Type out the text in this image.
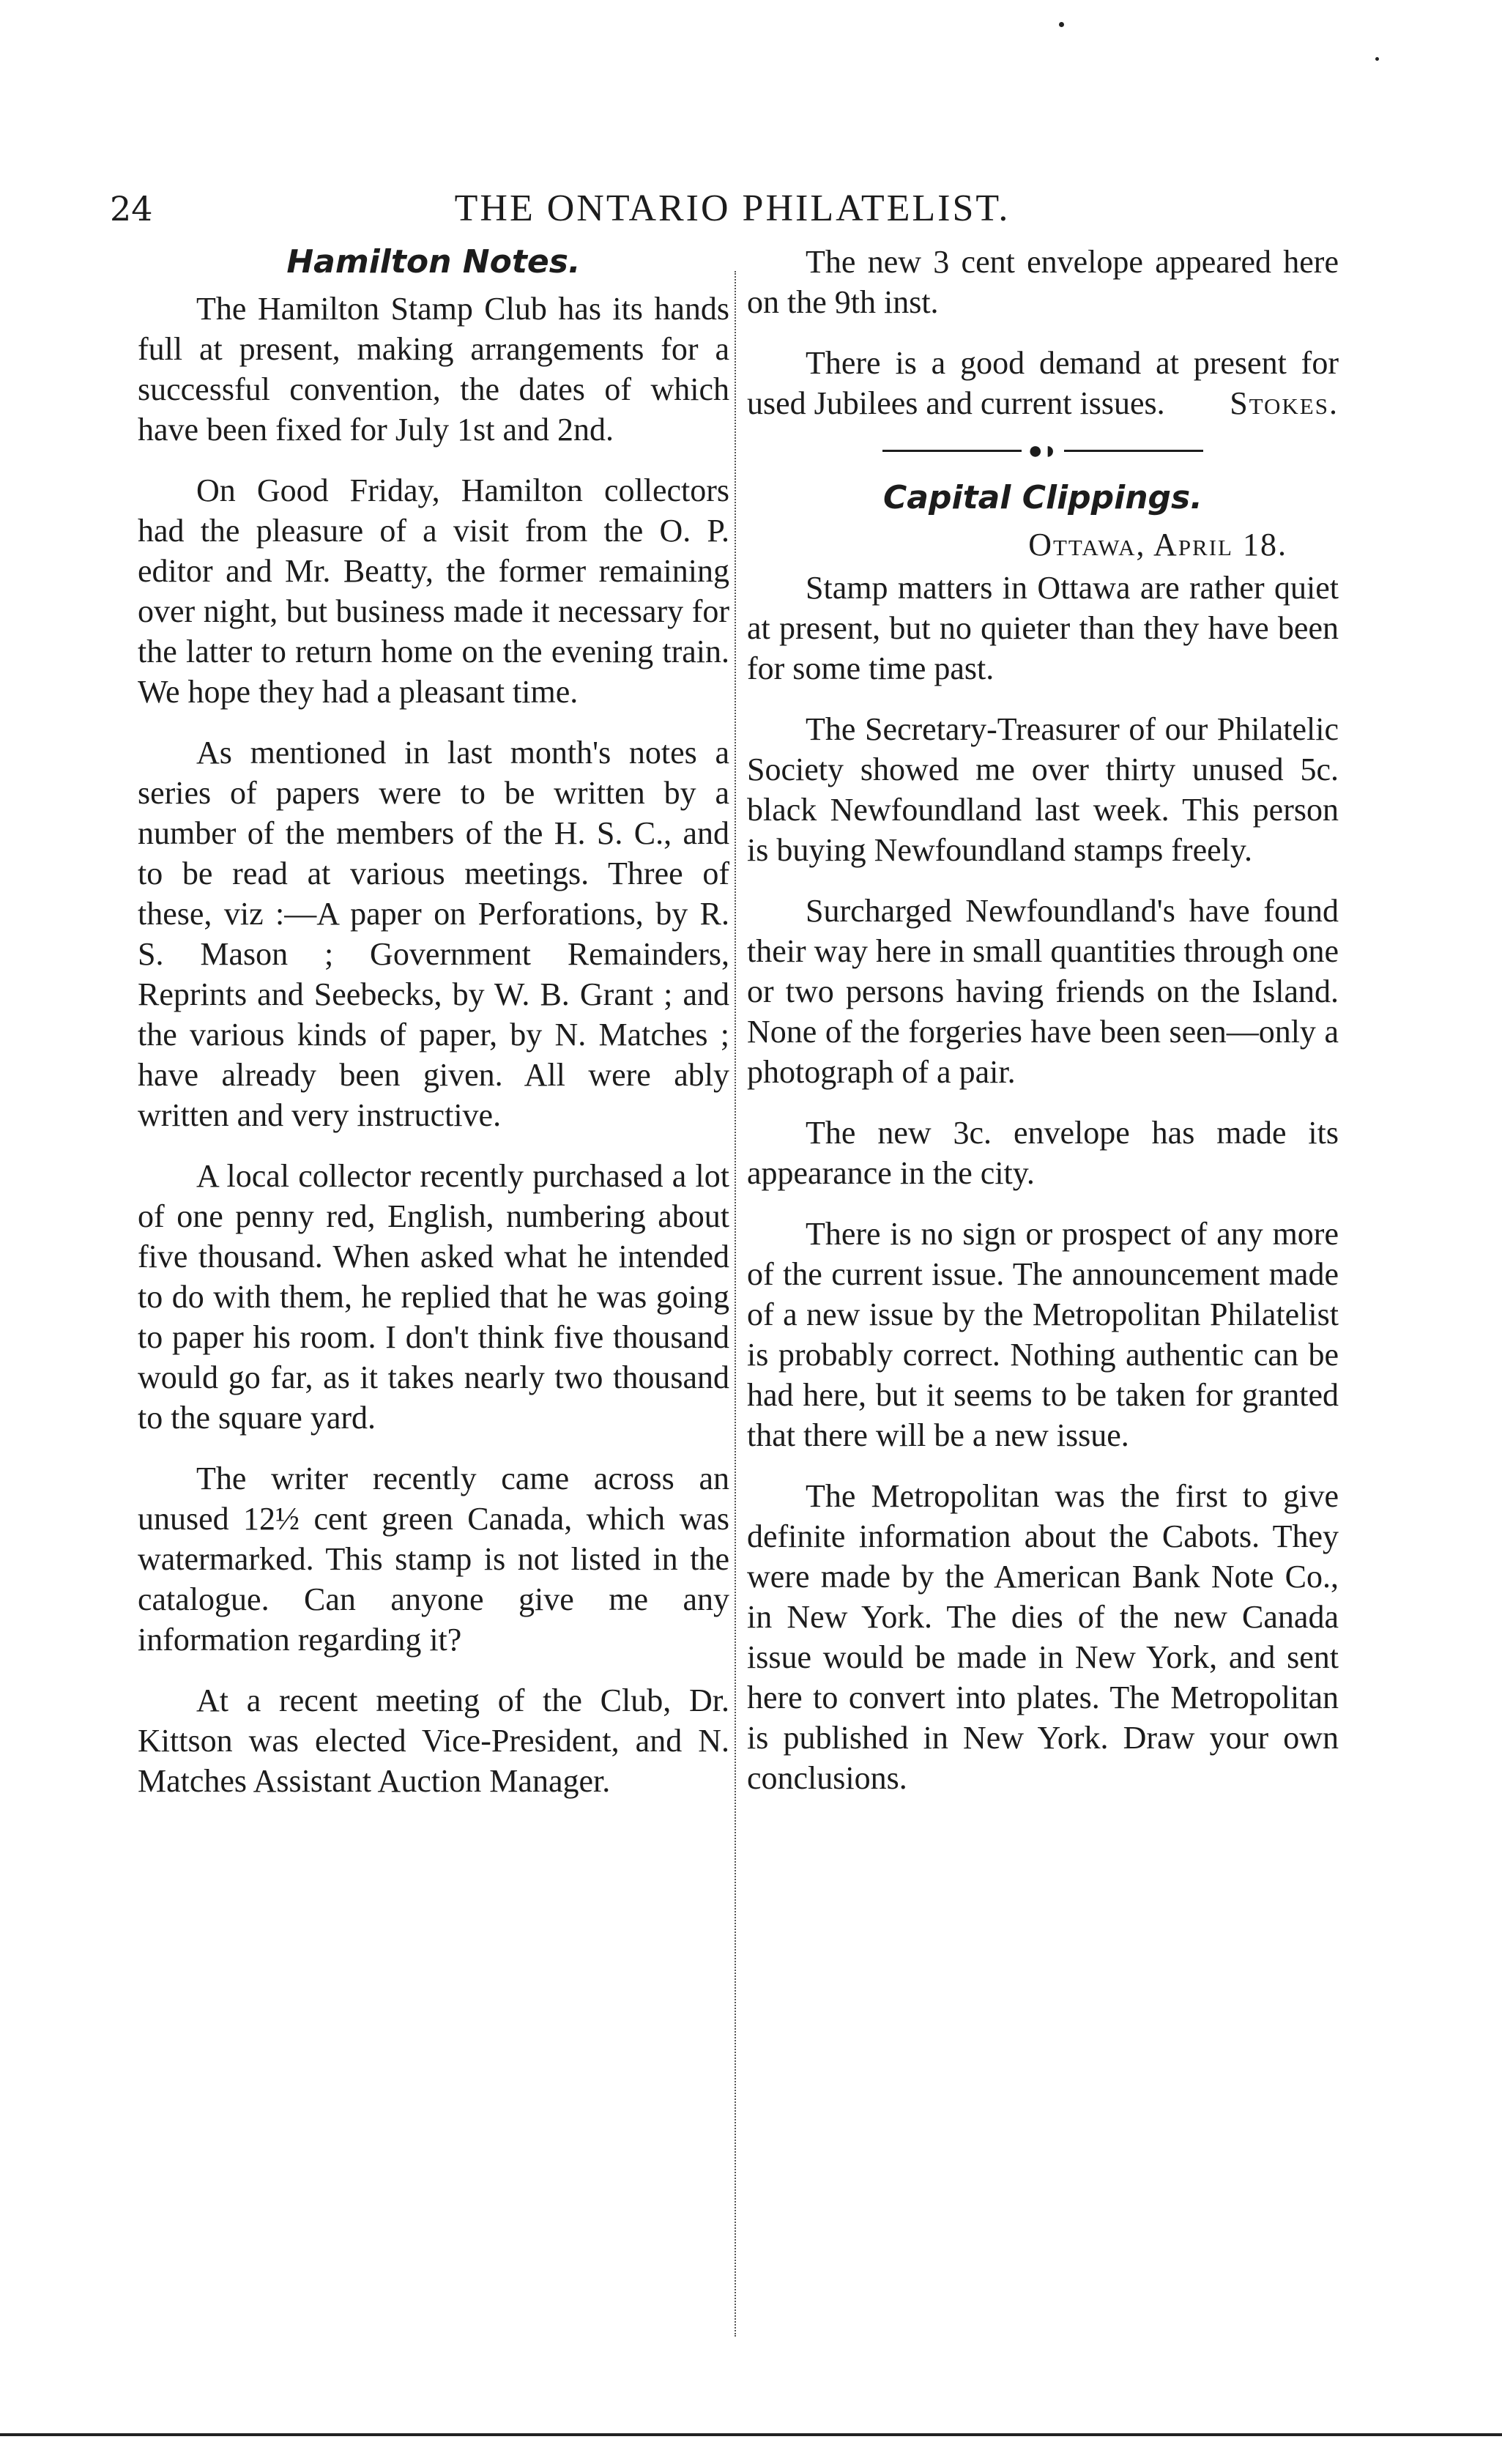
24	THE ONTARIO PHILATELIST.
Hamilton Notes.

The Hamilton Stamp Club has its hands full at present, making arrangements for a successful convention, the dates of which have been fixed for July 1st and 2nd.

On Good Friday, Hamilton collectors had the pleasure of a visit from the O. P. editor and Mr. Beatty, the former remaining over night, but business made it necessary for the latter to return home on the evening train. We hope they had a pleasant time.

As mentioned in last month's notes a series of papers were to be written by a number of the members of the H. S. C., and to be read at various meetings. Three of these, viz :—A paper on Perforations, by R. S. Mason ; Government Remainders, Reprints and Seebecks, by W. B. Grant ; and the various kinds of paper, by N. Matches ; have already been given. All were ably written and very instructive.

A local collector recently purchased a lot of one penny red, English, numbering about five thousand. When asked what he intended to do with them, he replied that he was going to paper his room. I don't think five thousand would go far, as it takes nearly two thousand to the square yard.

The writer recently came across an unused 12½ cent green Canada, which was watermarked. This stamp is not listed in the catalogue. Can anyone give me any information regarding it?

At a recent meeting of the Club, Dr. Kittson was elected Vice-President, and N. Matches Assistant Auction Manager.

The new 3 cent envelope appeared here on the 9th inst.

There is a good demand at present for used Jubilees and current issues.	Stokes.

●◗
Capital Clippings.
Ottawa, April 18.

Stamp matters in Ottawa are rather quiet at present, but no quieter than they have been for some time past.

The Secretary-Treasurer of our Philatelic Society showed me over thirty unused 5c. black Newfoundland last week. This person is buying Newfoundland stamps freely.

Surcharged Newfoundland's have found their way here in small quantities through one or two persons having friends on the Island. None of the forgeries have been seen—only a photograph of a pair.

The new 3c. envelope has made its appearance in the city.

There is no sign or prospect of any more of the current issue. The announcement made of a new issue by the Metropolitan Philatelist is probably correct. Nothing authentic can be had here, but it seems to be taken for granted that there will be a new issue.

The Metropolitan was the first to give definite information about the Cabots. They were made by the American Bank Note Co., in New York. The dies of the new Canada issue would be made in New York, and sent here to convert into plates. The Metropolitan is published in New York. Draw your own conclusions.
